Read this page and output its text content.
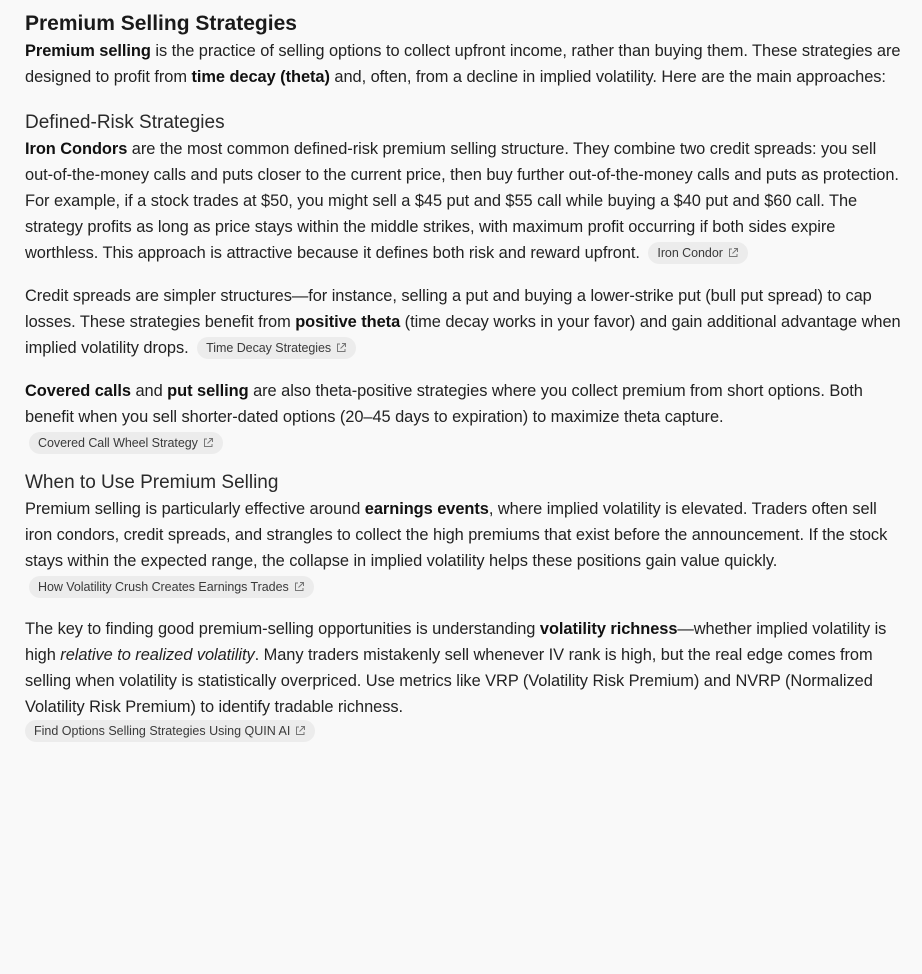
Premium Selling Strategies

Premium selling is the practice of selling options to collect upfront income, rather than buying them. These strategies are designed to profit from time decay (theta) and, often, from a decline in implied volatility. Here are the main approaches:

Defined-Risk Strategies

Iron Condors are the most common defined-risk premium selling structure. They combine two credit spreads: you sell out-of-the-money calls and puts closer to the current price, then buy further out-of-the-money calls and puts as protection. For example, if a stock trades at $50, you might sell a $45 put and $55 call while buying a $40 put and $60 call. The strategy profits as long as price stays within the middle strikes, with maximum profit occurring if both sides expire worthless. This approach is attractive because it defines both risk and reward upfront. Iron Condor

Credit spreads are simpler structures—for instance, selling a put and buying a lower-strike put (bull put spread) to cap losses. These strategies benefit from positive theta (time decay works in your favor) and gain additional advantage when implied volatility drops. Time Decay Strategies

Covered calls and put selling are also theta-positive strategies where you collect premium from short options. Both benefit when you sell shorter-dated options (20–45 days to expiration) to maximize theta capture.
Covered Call Wheel Strategy

When to Use Premium Selling

Premium selling is particularly effective around earnings events, where implied volatility is elevated. Traders often sell iron condors, credit spreads, and strangles to collect the high premiums that exist before the announcement. If the stock stays within the expected range, the collapse in implied volatility helps these positions gain value quickly.
How Volatility Crush Creates Earnings Trades

The key to finding good premium-selling opportunities is understanding volatility richness—whether implied volatility is high relative to realized volatility. Many traders mistakenly sell whenever IV rank is high, but the real edge comes from selling when volatility is statistically overpriced. Use metrics like VRP (Volatility Risk Premium) and NVRP (Normalized Volatility Risk Premium) to identify tradable richness.

Find Options Selling Strategies Using QUIN AI
